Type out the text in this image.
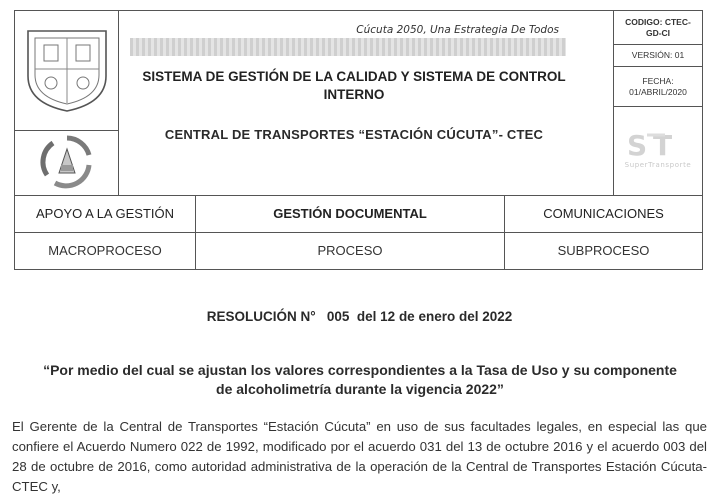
CODIGO: CTEC-GD-CI

				VERSIÓN: 01

				FECHA:
01/ABRIL/2020

S T
SuperTransporte

APOYO A LA GESTIÓN		GESTIÓN DOCUMENTAL	COMUNICACIONES	
MACROPROCESO		PROCESO	SUBPROCESO	
Cúcuta 2050, Una Estrategia De Todos
SISTEMA DE GESTIÓN DE LA CALIDAD Y SISTEMA DE CONTROL INTERNO
CENTRAL DE TRANSPORTES “ESTACIÓN CÚCUTA”- CTEC
RESOLUCIÓN N°   005  del 12 de enero del 2022
“Por medio del cual se ajustan los valores correspondientes a la Tasa de Uso y su componente de alcoholimetría durante la vigencia 2022”
El Gerente de la Central de Transportes “Estación Cúcuta” en uso de sus facultades legales, en especial las que confiere el Acuerdo Numero 022 de 1992, modificado por el acuerdo 031 del 13 de octubre 2016 y el acuerdo 003 del 28 de octubre de 2016, como autoridad administrativa de la operación de la Central de Transportes Estación Cúcuta-CTEC y,
